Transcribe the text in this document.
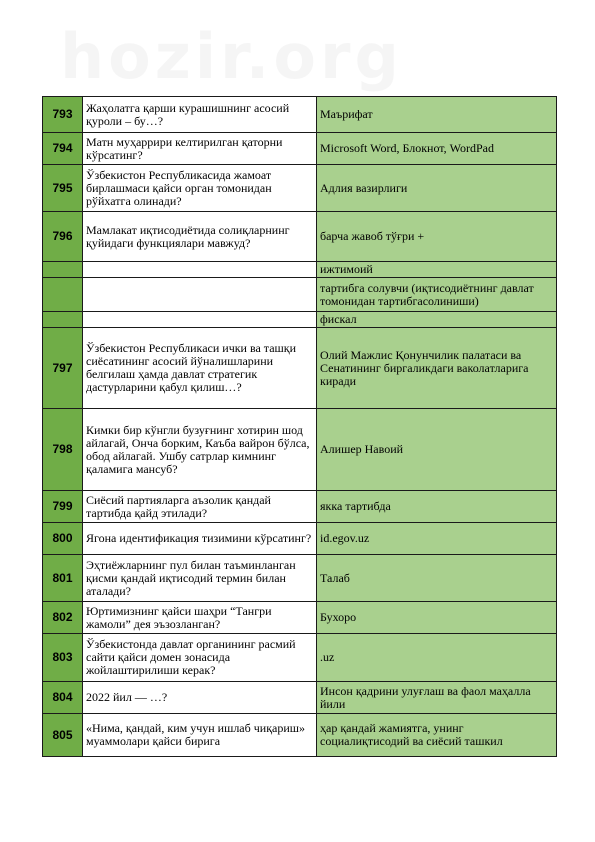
793	Жаҳолатга қарши курашишнинг асосий қуроли – бу…?	Маърифат
794	Матн муҳаррири келтирилган қаторни кўрсатинг?	Microsoft Word, Блокнот, WordPad
795	Ўзбекистон Республикасида жамоат бирлашмаси қайси орган томонидан рўйхатга олинади?	Адлия вазирлиги
796	Мамлакат иқтисодиётида солиқларнинг қуйидаги функциялари мавжуд?	барча жавоб тўғри +
		ижтимоий
		тартибга солувчи (иқтисодиётнинг давлат томонидан тартибгасолиниши)
		фискал
797	Ўзбекистон Республикаси ички ва ташқи сиёсатининг асосий йўналишларини белгилаш ҳамда давлат стратегик дастурларини қабул қилиш…?	Олий Мажлис Қонунчилик палатаси ва Сенатининг биргаликдаги ваколатларига киради
798	Кимки бир кўнгли бузуғнинг хотирин шод айлагай, Онча борким, Каъба вайрон бўлса, обод айлагай. Ушбу сатрлар кимнинг қаламига мансуб?	Алишер Навоий
799	Сиёсий партияларга аъзолик қандай тартибда қайд этилади?	якка тартибда
800	Ягона идентификация тизимини кўрсатинг?	id.egov.uz
801	Эҳтиёжларнинг пул билан таъминланган қисми қандай иқтисодий термин билан аталади?	Талаб
802	Юртимизнинг қайси шаҳри “Тангри жамоли” дея эъзозланган?	Бухоро
803	Ўзбекистонда давлат органининг расмий сайти қайси домен зонасида жойлаштирилиши керак?	.uz
804	2022 йил — …?	Инсон қадрини улуғлаш ва фаол маҳалла йили
805	«Нима, қандай, ким учун ишлаб чиқариш» муаммолари қайси бирига	ҳар қандай жамиятга, унинг социалиқтисодий ва сиёсий ташкил
